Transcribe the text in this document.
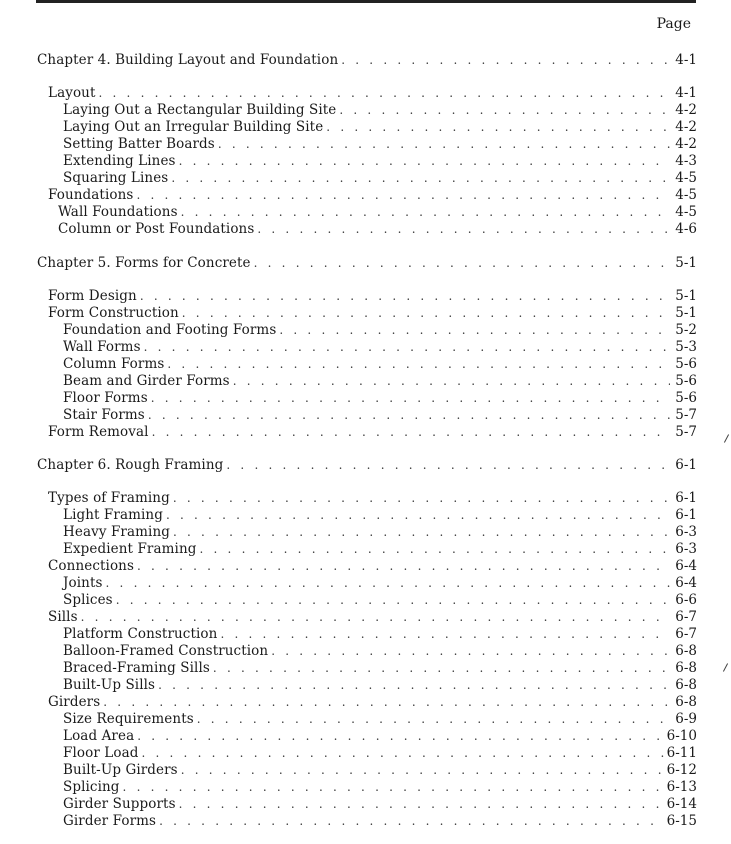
Page
Chapter 4. Building Layout and Foundation . . .	4-1
Layout . . .	4-1
Laying Out a Rectangular Building Site . . .	4-2
Laying Out an Irregular Building Site . . .	4-2
Setting Batter Boards . . .	4-2
Extending Lines . . .	4-3
Squaring Lines . . .	4-5
Foundations . . .	4-5
Wall Foundations . . .	4-5
Column or Post Foundations . . .	4-6
Chapter 5. Forms for Concrete . . .	5-1
Form Design . . .	5-1
Form Construction . . .	5-1
Foundation and Footing Forms . . .	5-2
Wall Forms . . .	5-3
Column Forms . . .	5-6
Beam and Girder Forms . . .	5-6
Floor Forms . . .	5-6
Stair Forms . . .	5-7
Form Removal . . .	5-7
Chapter 6. Rough Framing . . .	6-1
Types of Framing . . .	6-1
Light Framing . . .	6-1
Heavy Framing . . .	6-3
Expedient Framing . . .	6-3
Connections . . .	6-4
Joints . . .	6-4
Splices . . .	6-6
Sills . . .	6-7
Platform Construction . . .	6-7
Balloon-Framed Construction . . .	6-8
Braced-Framing Sills . . .	6-8
Built-Up Sills . . .	6-8
Girders . . .	6-8
Size Requirements . . .	6-9
Load Area . . .	6-10
Floor Load . . .	6-11
Built-Up Girders . . .	6-12
Splicing . . .	6-13
Girder Supports . . .	6-14
Girder Forms . . .	6-15
